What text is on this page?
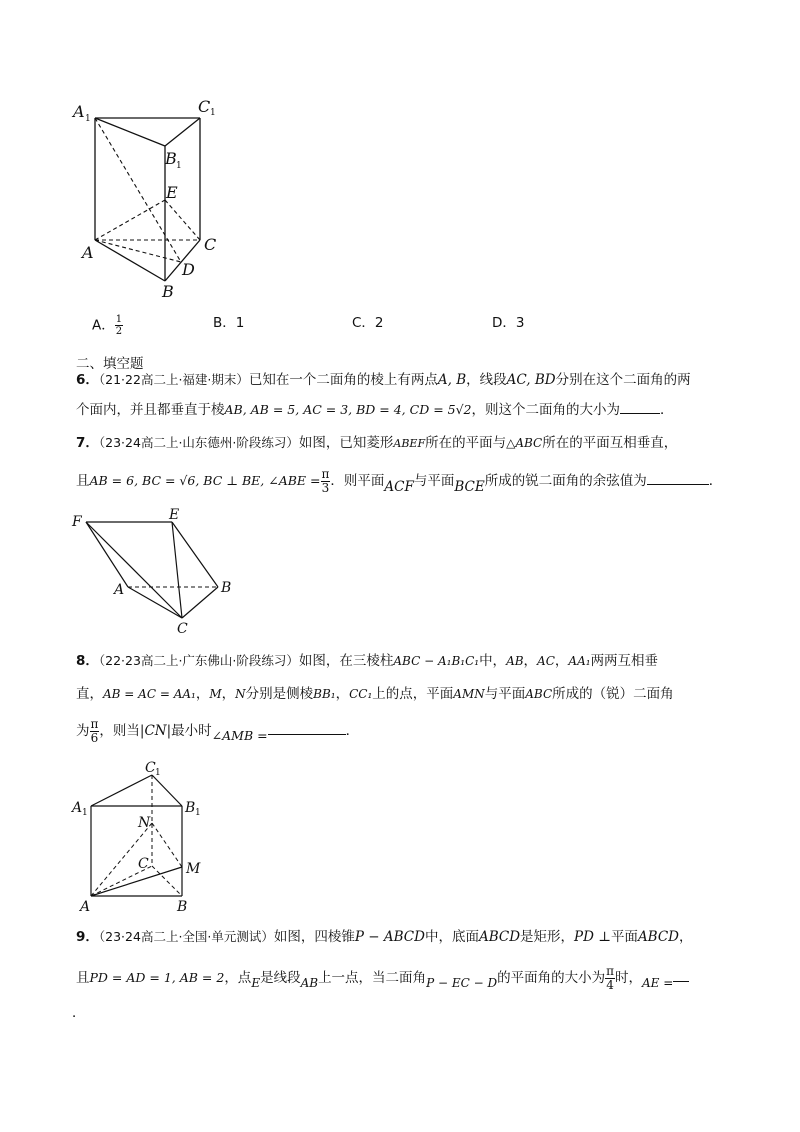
A 1
C 1
B 1
E
A	C
D
B
A． $\frac{1}{2}$	B．1	C．2	D．3
二、填空题
6．（21·22高二上·福建·期末）已知在一个二面角的棱上有两点A, B，线段AC, BD分别在这个二面角的两
个面内，并且都垂直于棱AB, AB = 5, AC = 3, BD = 4, CD = 5√2，则这个二面角的大小为	．
7．（23·24高二上·山东德州·阶段练习）如图，已知菱形ABEF所在的平面与△ABC所在的平面互相垂直，
且AB = 6, BC = √6, BC ⊥ BE, ∠ABE = $\frac{\pi}{3}$ ．则平面ACF与平面BCE所成的锐二面角的余弦值为	．
F	E
A	B
C
8．（22·23高二上·广东佛山·阶段练习）如图，在三棱柱ABC − A₁B₁C₁中，AB，AC，AA₁两两互相垂
直，AB = AC = AA₁，M，N分别是侧棱BB₁，CC₁上的点，平面AMN与平面ABC所成的（锐）二面角
为 $\frac{\pi}{6}$ ，则当|CN|最小时∠AMB =	．
C 1
A 1	B 1
N
C	M
A	B
9．（23·24高二上·全国·单元测试）如图，四棱锥P − ABCD中，底面ABCD是矩形，PD ⊥平面ABCD，
且PD = AD = 1, AB = 2，点E是线段AB上一点，当二面角P − EC − D的平面角的大小为 $\frac{\pi}{4}$ 时，AE =
．
